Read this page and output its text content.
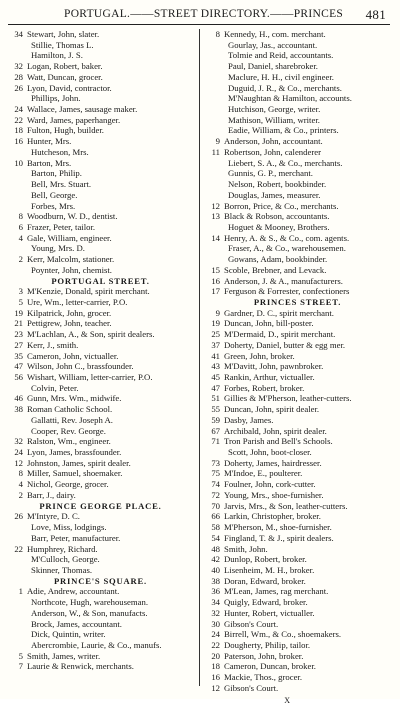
PORTUGAL.——STREET DIRECTORY.——PRINCES 481
34 Stewart, John, slater.
Stillie, Thomas L.
Hamilton, J. S.
32 Logan, Robert, baker.
28 Watt, Duncan, grocer.
26 Lyon, David, contractor.
Phillips, John.
24 Wallace, James, sausage maker.
22 Ward, James, paperhanger.
18 Fulton, Hugh, builder.
16 Hunter, Mrs.
Hutcheson, Mrs.
10 Barton, Mrs.
Barton, Philip.
Bell, Mrs. Stuart.
Bell, George.
Forbes, Mrs.
8 Woodburn, W. D., dentist.
6 Frazer, Peter, tailor.
4 Gale, William, engineer.
Young, Mrs. D.
2 Kerr, Malcolm, stationer.
Poynter, John, chemist.
PORTUGAL STREET.
3 M'Kenzie, Donald, spirit merchant.
5 Ure, Wm., letter-carrier, P.O.
19 Kilpatrick, John, grocer.
21 Pettigrew, John, teacher.
23 M'Lachlan, A., & Son, spirit dealers.
27 Kerr, J., smith.
35 Cameron, John, victualler.
47 Wilson, John C., brassfounder.
56 Wishart, William, letter-carrier, P.O.
Colvin, Peter.
46 Gunn, Mrs. Wm., midwife.
38 Roman Catholic School.
Gallatti, Rev. Joseph A.
Cooper, Rev. George.
32 Ralston, Wm., engineer.
24 Lyon, James, brassfounder.
12 Johnston, James, spirit dealer.
8 Miller, Samuel, shoemaker.
4 Nichol, George, grocer.
2 Barr, J., dairy.
PRINCE GEORGE PLACE.
26 M'Intyre, D. C.
Love, Miss, lodgings.
Barr, Peter, manufacturer.
22 Humphrey, Richard.
M'Culloch, George.
Skinner, Thomas.
PRINCE'S SQUARE.
1 Adie, Andrew, accountant.
Northcote, Hugh, warehouseman.
Anderson, W., & Son, manufacts.
Brock, James, accountant.
Dick, Quintin, writer.
Abercrombie, Laurie, & Co., manufs.
5 Smith, James, writer.
7 Laurie & Renwick, merchants.
8 Kennedy, H., com. merchant.
Gourlay, Jas., accountant.
Tolmie and Reid, accountants.
Paul, Daniel, sharebroker.
Maclure, H. H., civil engineer.
Duguid, J. R., & Co., merchants.
M'Naughtan & Hamilton, accounts.
Hutchison, George, writer.
Mathison, William, writer.
Eadie, William, & Co., printers.
9 Anderson, John, accountant.
11 Robertson, John, calenderer
Liebert, S. A., & Co., merchants.
Gunnis, G. P., merchant.
Nelson, Robert, bookbinder.
Douglas, James, measurer.
12 Borron, Price, & Co., merchants.
13 Black & Robson, accountants.
Hoguet & Mooney, Brothers.
14 Henry, A. & S., & Co., com. agents.
Fraser, A., & Co., warehousemen.
Gowans, Adam, bookbinder.
15 Scoble, Brebner, and Levack.
16 Anderson, J. & A., manufacturers.
17 Ferguson & Forrester, confectioners
PRINCES STREET.
9 Gardner, D. C., spirit merchant.
19 Duncan, John, bill-poster.
25 M'Dermaid, D., spirit merchant.
37 Doherty, Daniel, butter & egg mer.
41 Green, John, broker.
43 M'Davitt, John, pawnbroker.
45 Rankin, Arthur, victualler.
47 Forbes, Robert, broker.
51 Gillies & M'Pherson, leather-cutters.
55 Duncan, John, spirit dealer.
59 Dasby, James.
67 Archibald, John, spirit dealer.
71 Tron Parish and Bell's Schools.
Scott, John, boot-closer.
73 Doherty, James, hairdresser.
75 M'Indoe, E., poulterer.
74 Foulner, John, cork-cutter.
72 Young, Mrs., shoe-furnisher.
70 Jarvis, Mrs., & Son, leather-cutters.
66 Larkin, Christopher, broker.
58 M'Pherson, M., shoe-furnisher.
54 Fingland, T. & J., spirit dealers.
48 Smith, John.
42 Dunlop, Robert, broker.
40 Lisenheim, M. H., broker.
38 Doran, Edward, broker.
36 M'Lean, James, rag merchant.
34 Quigly, Edward, broker.
32 Hunter, Robert, victualler.
30 Gibson's Court.
24 Birrell, Wm., & Co., shoemakers.
22 Dougherty, Philip, tailor.
20 Paterson, John, broker.
18 Cameron, Duncan, broker.
16 Mackie, Thos., grocer.
12 Gibson's Court.
X
